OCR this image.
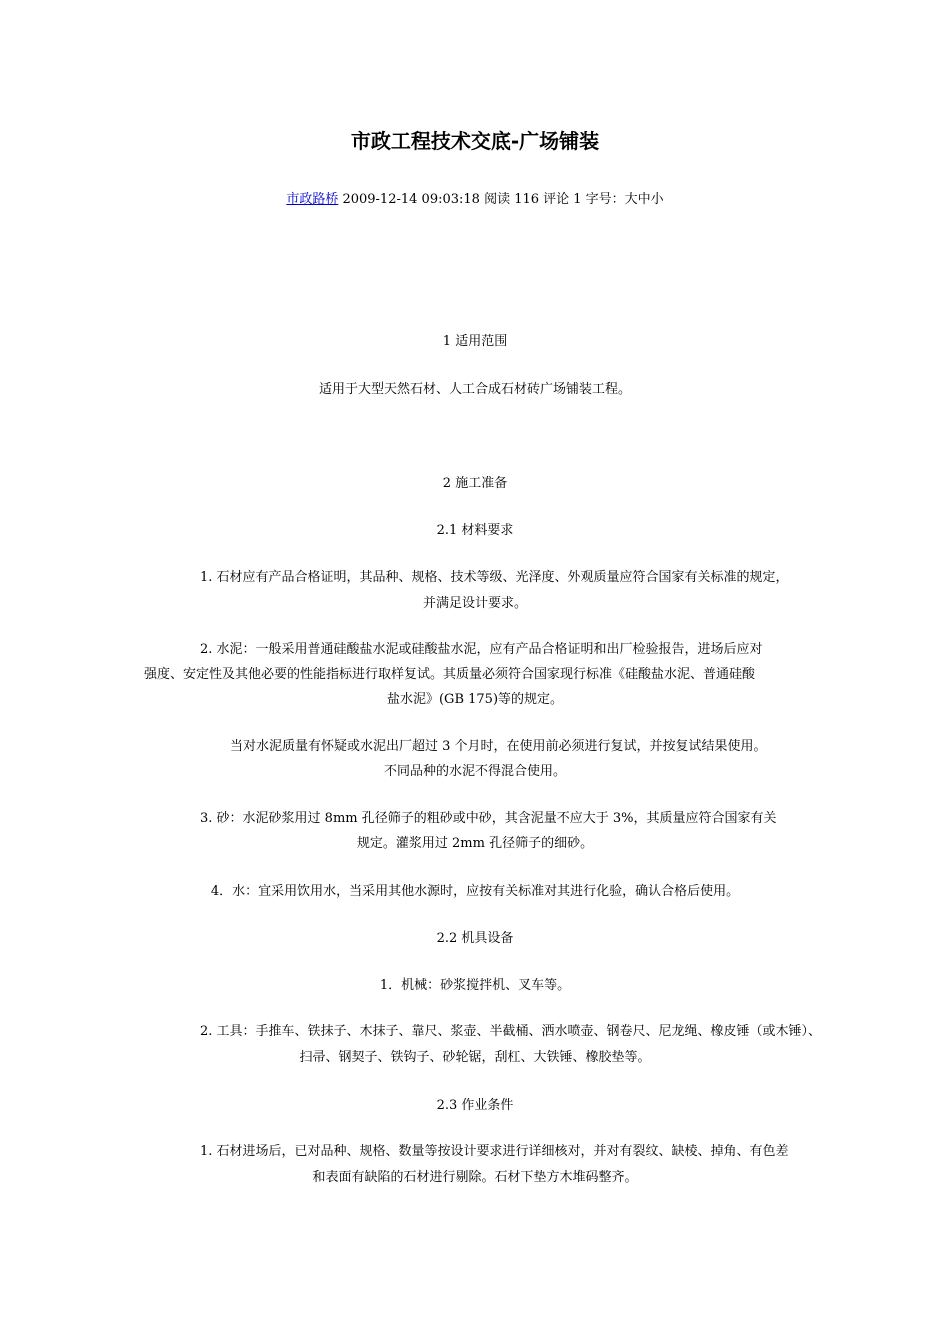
市政工程技术交底-广场铺装
市政路桥 2009-12-14 09:03:18 阅读 116 评论 1 字号：大中小
1 适用范围
适用于大型天然石材、人工合成石材砖广场铺装工程。
2 施工准备
2.1 材料要求
1. 石材应有产品合格证明，其品种、规格、技术等级、光泽度、外观质量应符合国家有关标准的规定，
并满足设计要求。
2. 水泥：一般采用普通硅酸盐水泥或硅酸盐水泥，应有产品合格证明和出厂检验报告，进场后应对
强度、安定性及其他必要的性能指标进行取样复试。其质量必须符合国家现行标准《硅酸盐水泥、普通硅酸
盐水泥》(GB 175)等的规定。
当对水泥质量有怀疑或水泥出厂超过 3 个月时，在使用前必须进行复试，并按复试结果使用。
不同品种的水泥不得混合使用。
3. 砂：水泥砂浆用过 8mm 孔径筛子的粗砂或中砂，其含泥量不应大于 3%，其质量应符合国家有关
规定。灌浆用过 2mm 孔径筛子的细砂。
4．水：宜采用饮用水，当采用其他水源时，应按有关标准对其进行化验，确认合格后使用。
2.2 机具设备
1．机械：砂浆搅拌机、叉车等。
2. 工具：手推车、铁抹子、木抹子、靠尺、浆壶、半截桶、洒水喷壶、钢卷尺、尼龙绳、橡皮锤（或木锤）、
扫帚、钢契子、铁钩子、砂轮锯，刮杠、大铁锤、橡胶垫等。
2.3 作业条件
1. 石材进场后，已对品种、规格、数量等按设计要求进行详细核对，并对有裂纹、缺棱、掉角、有色差
和表面有缺陷的石材进行剔除。石材下垫方木堆码整齐。
